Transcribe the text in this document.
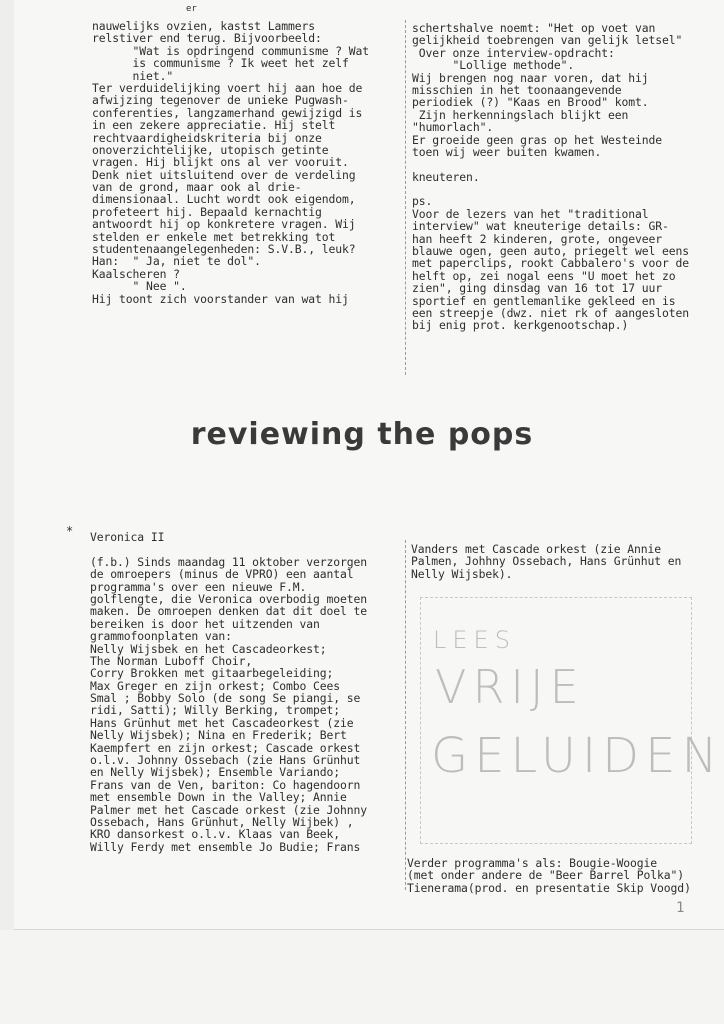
er
nauwelijks ovzien, kastst Lammers
relstiver end terug. Bijvoorbeeld:
"Wat is opdringend communisme ? Wat
is communisme ? Ik weet het zelf
niet."
Ter verduidelijking voert hij aan hoe de
afwijzing tegenover de unieke Pugwash-
conferenties, langzamerhand gewijzigd is
in een zekere appreciatie. Hij stelt
rechtvaardigheidskriteria bij onze
onoverzichtelijke, utopisch getinte
vragen. Hij blijkt ons al ver vooruit.
Denk niet uitsluitend over de verdeling
van de grond, maar ook al drie-
dimensionaal. Lucht wordt ook eigendom,
profeteert hij. Bepaald kernachtig
antwoordt hij op konkretere vragen. Wij
stelden er enkele met betrekking tot
studentenaangelegenheden: S.V.B., leuk?
Han:  " Ja, niet te dol".
Kaalscheren ?
" Nee ".
Hij toont zich voorstander van wat hij
schertshalve noemt: "Het op voet van
gelijkheid toebrengen van gelijk letsel"
Over onze interview-opdracht:
"Lollige methode".
Wij brengen nog naar voren, dat hij
misschien in het toonaangevende
periodiek (?) "Kaas en Brood" komt.
Zijn herkenningslach blijkt een
"humorlach".
Er groeide geen gras op het Westeinde
toen wij weer buiten kwamen.
kneuteren.
ps.
Voor de lezers van het "traditional
interview" wat kneuterige details: GR-
han heeft 2 kinderen, grote, ongeveer
blauwe ogen, geen auto, priegelt wel eens
met paperclips, rookt Cabbalero's voor de
helft op, zei nogal eens "U moet het zo
zien", ging dinsdag van 16 tot 17 uur
sportief en gentlemanlike gekleed en is
een streepje (dwz. niet rk of aangesloten
bij enig prot. kerkgenootschap.)
reviewing the pops
* Veronica II
(f.b.) Sinds maandag 11 oktober verzorgen
de omroepers (minus de VPRO) een aantal
programma's over een nieuwe F.M.
golflengte, die Veronica overbodig moeten
maken. De omroepen denken dat dit doel te
bereiken is door het uitzenden van
grammofoonplaten van:
Nelly Wijsbek en het Cascadeorkest;
The Norman Luboff Choir,
Corry Brokken met gitaarbegeleiding;
Max Greger en zijn orkest; Combo Cees
Smal ; Bobby Solo (de song Se piangi, se
ridi, Satti); Willy Berking, trompet;
Hans Grünhut met het Cascadeorkest (zie
Nelly Wijsbek); Nina en Frederik; Bert
Kaempfert en zijn orkest; Cascade orkest
o.l.v. Johnny Ossebach (zie Hans Grünhut
en Nelly Wijsbek); Ensemble Variando;
Frans van de Ven, bariton: Co hagendoorn
met ensemble Down in the Valley; Annie
Palmer met het Cascade orkest (zie Johnny
Ossebach, Hans Grünhut, Nelly Wijbek) ,
KRO dansorkest o.l.v. Klaas van Beek,
Willy Ferdy met ensemble Jo Budie; Frans
Vanders met Cascade orkest (zie Annie
Palmen, Johhny Ossebach, Hans Grünhut en
Nelly Wijsbek).
LEES
VRIJE
GELUIDEN
Verder programma's als: Bougie-Woogie
(met onder andere de "Beer Barrel Polka")
Tienerama(prod. en presentatie Skip Voogd)
1
